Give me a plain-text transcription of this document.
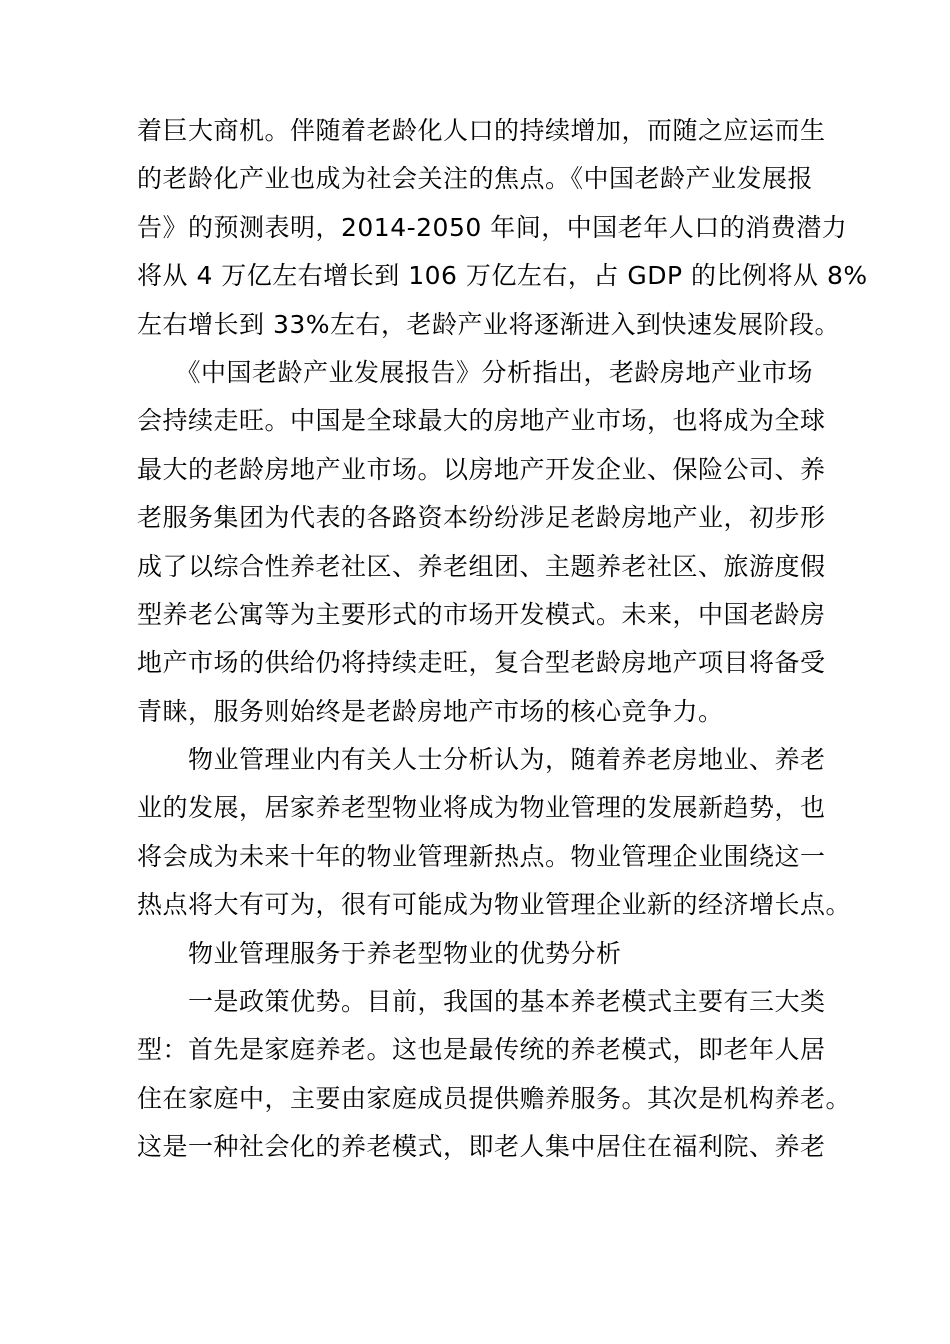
着巨大商机。伴随着老龄化人口的持续增加，而随之应运而生
的老龄化产业也成为社会关注的焦点。《中国老龄产业发展报
告》的预测表明，2014-2050 年间，中国老年人口的消费潜力
将从 4 万亿左右增长到 106 万亿左右，占 GDP 的比例将从 8%
左右增长到 33%左右，老龄产业将逐渐进入到快速发展阶段。
　　《中国老龄产业发展报告》分析指出，老龄房地产业市场
会持续走旺。中国是全球最大的房地产业市场，也将成为全球
最大的老龄房地产业市场。以房地产开发企业、保险公司、养
老服务集团为代表的各路资本纷纷涉足老龄房地产业，初步形
成了以综合性养老社区、养老组团、主题养老社区、旅游度假
型养老公寓等为主要形式的市场开发模式。未来，中国老龄房
地产市场的供给仍将持续走旺，复合型老龄房地产项目将备受
青睐，服务则始终是老龄房地产市场的核心竞争力。
　　物业管理业内有关人士分析认为，随着养老房地业、养老
业的发展，居家养老型物业将成为物业管理的发展新趋势，也
将会成为未来十年的物业管理新热点。物业管理企业围绕这一
热点将大有可为，很有可能成为物业管理企业新的经济增长点。
　　物业管理服务于养老型物业的优势分析
　　一是政策优势。目前，我国的基本养老模式主要有三大类
型：首先是家庭养老。这也是最传统的养老模式，即老年人居
住在家庭中，主要由家庭成员提供赡养服务。其次是机构养老。
这是一种社会化的养老模式，即老人集中居住在福利院、养老
